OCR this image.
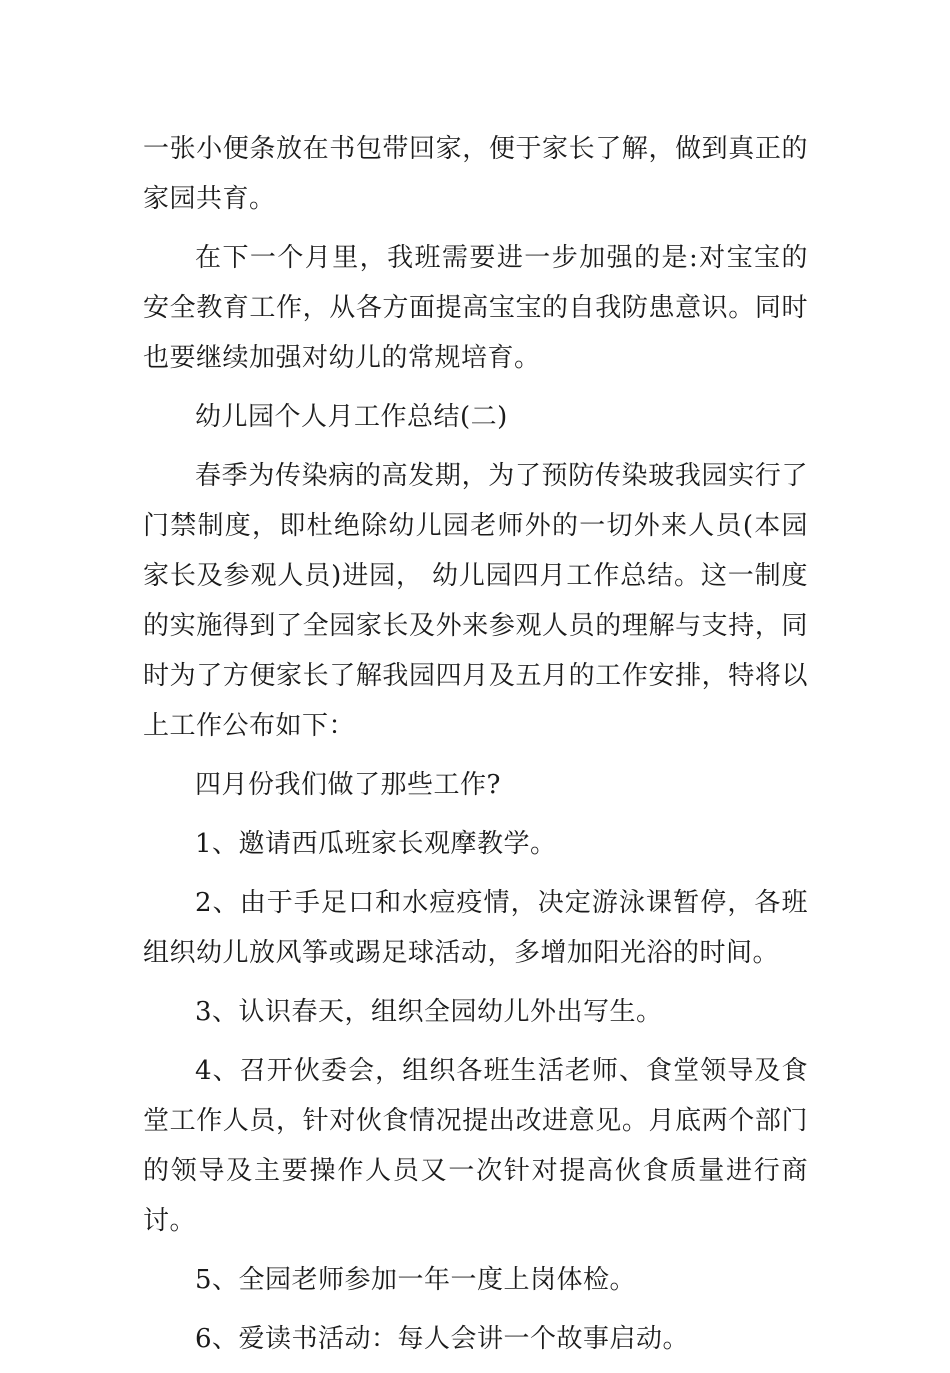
一张小便条放在书包带回家，便于家长了解，做到真正的家园共育。

在下一个月里，我班需要进一步加强的是:对宝宝的安全教育工作，从各方面提高宝宝的自我防患意识。同时也要继续加强对幼儿的常规培育。

幼儿园个人月工作总结(二)

春季为传染病的高发期，为了预防传染玻我园实行了门禁制度，即杜绝除幼儿园老师外的一切外来人员(本园家长及参观人员)进园， 幼儿园四月工作总结。这一制度的实施得到了全园家长及外来参观人员的理解与支持，同时为了方便家长了解我园四月及五月的工作安排，特将以上工作公布如下：

四月份我们做了那些工作?

1、邀请西瓜班家长观摩教学。

2、由于手足口和水痘疫情，决定游泳课暂停，各班组织幼儿放风筝或踢足球活动，多增加阳光浴的时间。

3、认识春天，组织全园幼儿外出写生。

4、召开伙委会，组织各班生活老师、食堂领导及食堂工作人员，针对伙食情况提出改进意见。月底两个部门的领导及主要操作人员又一次针对提高伙食质量进行商讨。

5、全园老师参加一年一度上岗体检。

6、爱读书活动：每人会讲一个故事启动。
